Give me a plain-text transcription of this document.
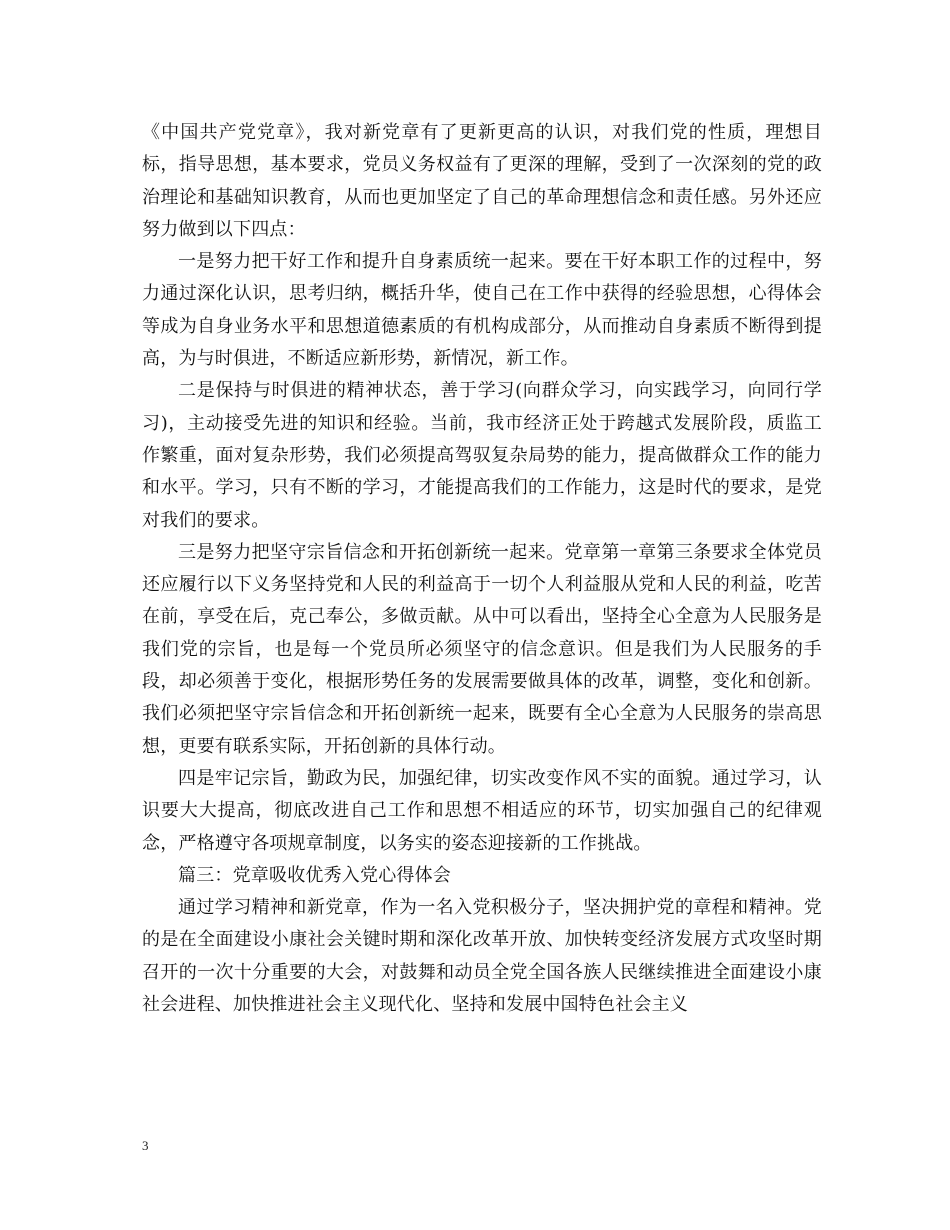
《中国共产党党章》，我对新党章有了更新更高的认识，对我们党的性质，理想目标，指导思想，基本要求，党员义务权益有了更深的理解，受到了一次深刻的党的政治理论和基础知识教育，从而也更加坚定了自己的革命理想信念和责任感。另外还应努力做到以下四点：

一是努力把干好工作和提升自身素质统一起来。要在干好本职工作的过程中，努力通过深化认识，思考归纳，概括升华，使自己在工作中获得的经验思想，心得体会等成为自身业务水平和思想道德素质的有机构成部分，从而推动自身素质不断得到提高，为与时俱进，不断适应新形势，新情况，新工作。

二是保持与时俱进的精神状态，善于学习(向群众学习，向实践学习，向同行学习)，主动接受先进的知识和经验。当前，我市经济正处于跨越式发展阶段，质监工作繁重，面对复杂形势，我们必须提高驾驭复杂局势的能力，提高做群众工作的能力和水平。学习，只有不断的学习，才能提高我们的工作能力，这是时代的要求，是党对我们的要求。

三是努力把坚守宗旨信念和开拓创新统一起来。党章第一章第三条要求全体党员还应履行以下义务坚持党和人民的利益高于一切个人利益服从党和人民的利益，吃苦在前，享受在后，克己奉公，多做贡献。从中可以看出，坚持全心全意为人民服务是我们党的宗旨，也是每一个党员所必须坚守的信念意识。但是我们为人民服务的手段，却必须善于变化，根据形势任务的发展需要做具体的改革，调整，变化和创新。我们必须把坚守宗旨信念和开拓创新统一起来，既要有全心全意为人民服务的崇高思想，更要有联系实际，开拓创新的具体行动。

四是牢记宗旨，勤政为民，加强纪律，切实改变作风不实的面貌。通过学习，认识要大大提高，彻底改进自己工作和思想不相适应的环节，切实加强自己的纪律观念，严格遵守各项规章制度，以务实的姿态迎接新的工作挑战。

篇三：党章吸收优秀入党心得体会

通过学习精神和新党章，作为一名入党积极分子，坚决拥护党的章程和精神。党的是在全面建设小康社会关键时期和深化改革开放、加快转变经济发展方式攻坚时期召开的一次十分重要的大会，对鼓舞和动员全党全国各族人民继续推进全面建设小康社会进程、加快推进社会主义现代化、坚持和发展中国特色社会主义

3
